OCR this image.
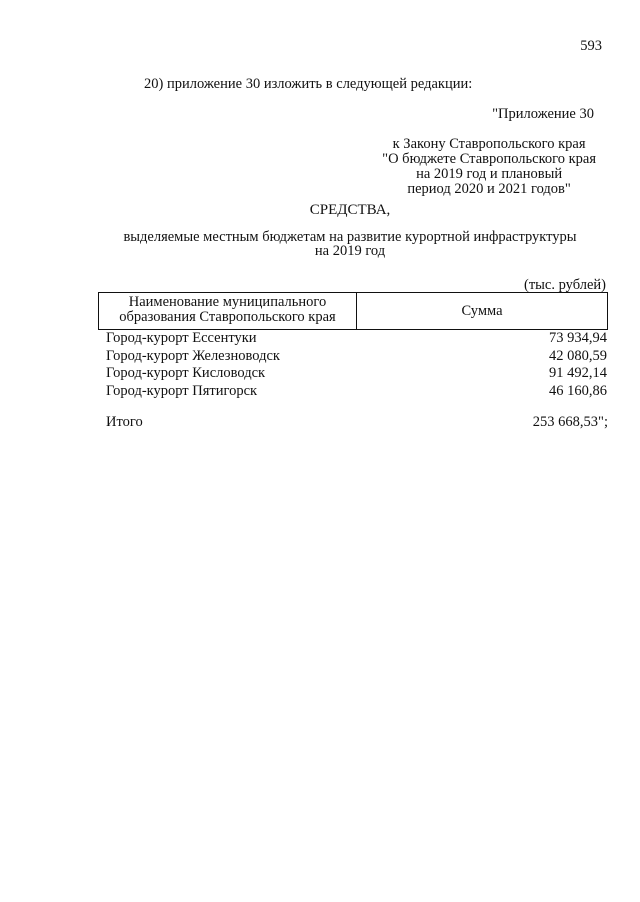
593
20) приложение 30 изложить в следующей редакции:
"Приложение 30
к Закону Ставропольского края
"О бюджете Ставропольского края
на 2019 год и плановый
период 2020 и 2021 годов"
СРЕДСТВА,
выделяемые местным бюджетам на развитие курортной инфраструктуры
на 2019 год
(тыс. рублей)
Наименование муниципального
образования Ставропольского края	Сумма
Город-курорт Ессентуки	73 934,94
Город-курорт Железноводск	42 080,59
Город-курорт Кисловодск	91 492,14
Город-курорт Пятигорск	46 160,86
Итого	253 668,53";
